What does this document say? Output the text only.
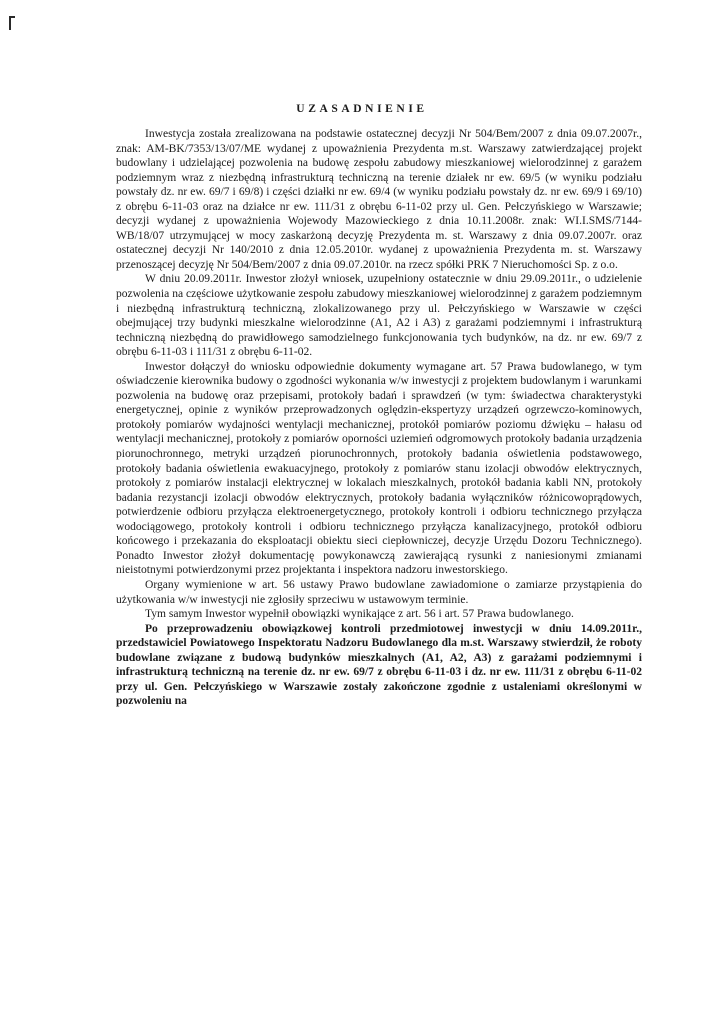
UZASADNIENIE

Inwestycja została zrealizowana na podstawie ostatecznej decyzji Nr 504/Bem/2007 z dnia 09.07.2007r., znak: AM-BK/7353/13/07/ME wydanej z upoważnienia Prezydenta m.st. Warszawy zatwierdzającej projekt budowlany i udzielającej pozwolenia na budowę zespołu zabudowy mieszkaniowej wielorodzinnej z garażem podziemnym wraz z niezbędną infrastrukturą techniczną na terenie działek nr ew. 69/5 (w wyniku podziału powstały dz. nr ew. 69/7 i 69/8) i części działki nr ew. 69/4 (w wyniku podziału powstały dz. nr ew. 69/9 i 69/10) z obrębu 6-11-03 oraz na działce nr ew. 111/31 z obrębu 6-11-02 przy ul. Gen. Pełczyńskiego w Warszawie; decyzji wydanej z upoważnienia Wojewody Mazowieckiego z dnia 10.11.2008r. znak: WI.I.SMS/7144-WB/18/07 utrzymującej w mocy zaskarżoną decyzję Prezydenta m. st. Warszawy z dnia 09.07.2007r. oraz ostatecznej decyzji Nr 140/2010 z dnia 12.05.2010r. wydanej z upoważnienia Prezydenta m. st. Warszawy przenoszącej decyzję Nr 504/Bem/2007 z dnia 09.07.2010r. na rzecz spółki PRK 7 Nieruchomości Sp. z o.o.

W dniu 20.09.2011r. Inwestor złożył wniosek, uzupełniony ostatecznie w dniu 29.09.2011r., o udzielenie pozwolenia na częściowe użytkowanie zespołu zabudowy mieszkaniowej wielorodzinnej z garażem podziemnym i niezbędną infrastrukturą techniczną, zlokalizowanego przy ul. Pełczyńskiego w Warszawie w części obejmującej trzy budynki mieszkalne wielorodzinne (A1, A2 i A3) z garażami podziemnymi i infrastrukturą techniczną niezbędną do prawidłowego samodzielnego funkcjonowania tych budynków, na dz. nr ew. 69/7 z obrębu 6-11-03 i 111/31 z obrębu 6-11-02.

Inwestor dołączył do wniosku odpowiednie dokumenty wymagane art. 57 Prawa budowlanego, w tym oświadczenie kierownika budowy o zgodności wykonania w/w inwestycji z projektem budowlanym i warunkami pozwolenia na budowę oraz przepisami, protokoły badań i sprawdzeń (w tym: świadectwa charakterystyki energetycznej, opinie z wyników przeprowadzonych oględzin-ekspertyzy urządzeń ogrzewczo-kominowych, protokoły pomiarów wydajności wentylacji mechanicznej, protokół pomiarów poziomu dźwięku – hałasu od wentylacji mechanicznej, protokoły z pomiarów oporności uziemień odgromowych protokoły badania urządzenia piorunochronnego, metryki urządzeń piorunochronnych, protokoły badania oświetlenia podstawowego, protokoły badania oświetlenia ewakuacyjnego, protokoły z pomiarów stanu izolacji obwodów elektrycznych, protokoły z pomiarów instalacji elektrycznej w lokalach mieszkalnych, protokół badania kabli NN, protokoły badania rezystancji izolacji obwodów elektrycznych, protokoły badania wyłączników różnicowoprądowych, potwierdzenie odbioru przyłącza elektroenergetycznego, protokoły kontroli i odbioru technicznego przyłącza wodociągowego, protokoły kontroli i odbioru technicznego przyłącza kanalizacyjnego, protokół odbioru końcowego i przekazania do eksploatacji obiektu sieci ciepłowniczej, decyzje Urzędu Dozoru Technicznego). Ponadto Inwestor złożył dokumentację powykonawczą zawierającą rysunki z naniesionymi zmianami nieistotnymi potwierdzonymi przez projektanta i inspektora nadzoru inwestorskiego.

Organy wymienione w art. 56 ustawy Prawo budowlane zawiadomione o zamiarze przystąpienia do użytkowania w/w inwestycji nie zgłosiły sprzeciwu w ustawowym terminie.

Tym samym Inwestor wypełnił obowiązki wynikające z art. 56 i art. 57 Prawa budowlanego.

Po przeprowadzeniu obowiązkowej kontroli przedmiotowej inwestycji w dniu 14.09.2011r., przedstawiciel Powiatowego Inspektoratu Nadzoru Budowlanego dla m.st. Warszawy stwierdził, że roboty budowlane związane z budową budynków mieszkalnych (A1, A2, A3) z garażami podziemnymi i infrastrukturą techniczną na terenie dz. nr ew. 69/7 z obrębu 6-11-03 i dz. nr ew. 111/31 z obrębu 6-11-02 przy ul. Gen. Pełczyńskiego w Warszawie zostały zakończone zgodnie z ustaleniami określonymi w pozwoleniu na
